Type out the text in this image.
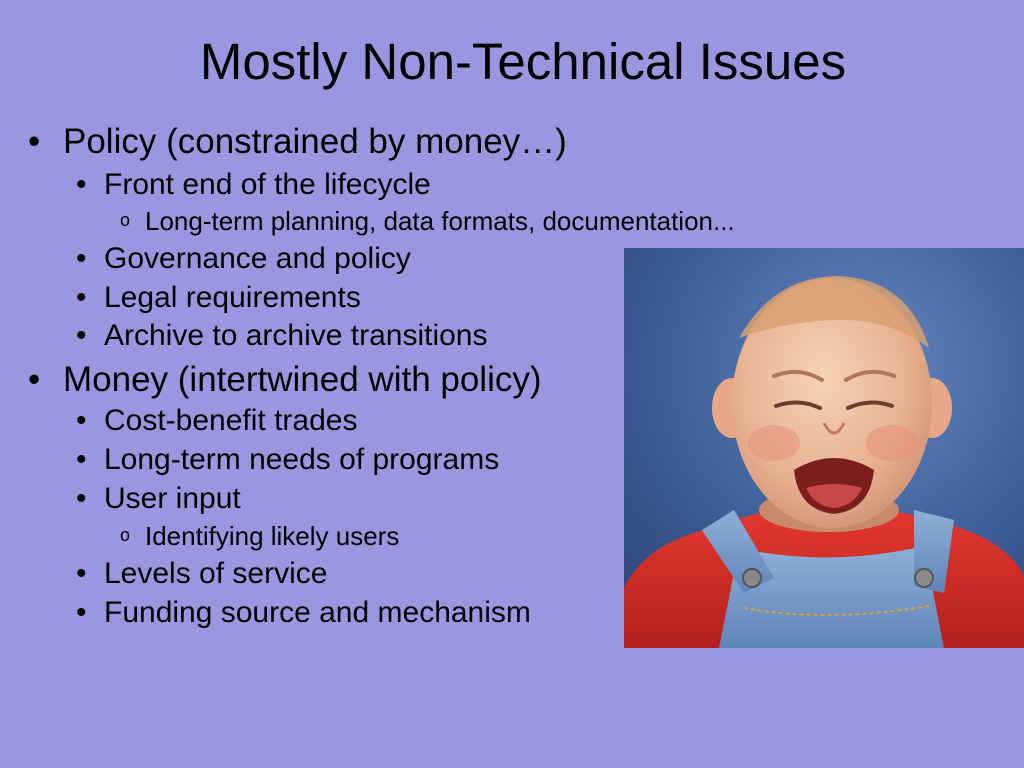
Mostly Non-Technical Issues
• Policy (constrained by money…)
• Front end of the lifecycle
o Long-term planning, data formats, documentation...
• Governance and policy
• Legal requirements
• Archive to archive transitions
• Money (intertwined with policy)
• Cost-benefit trades
• Long-term needs of programs
• User input
o Identifying likely users
• Levels of service
• Funding source and mechanism
